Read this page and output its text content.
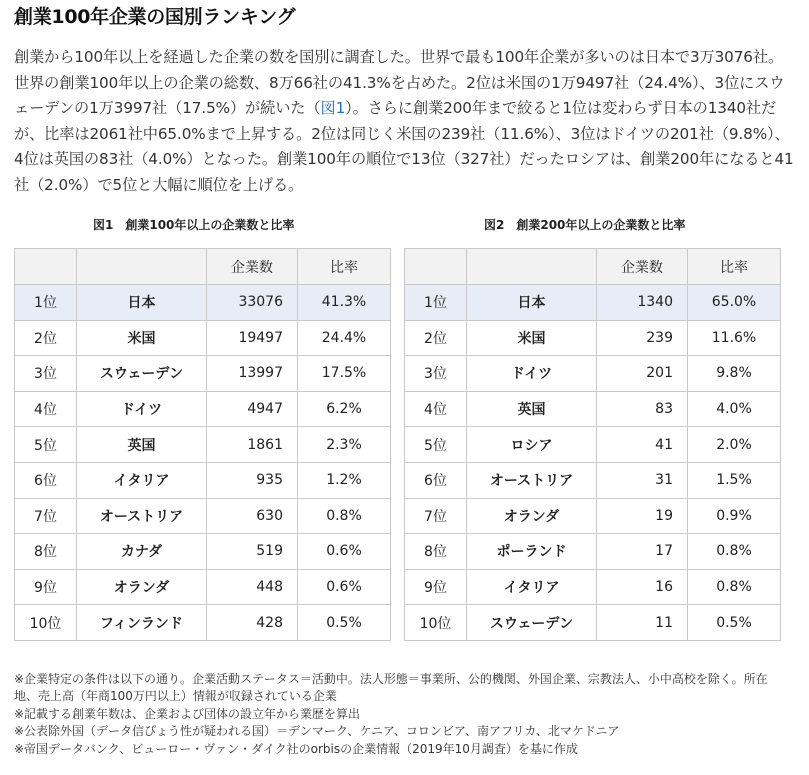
創業100年企業の国別ランキング

創業から100年以上を経過した企業の数を国別に調査した。世界で最も100年企業が多いのは日本で3万3076社。世界の創業100年以上の企業の総数、8万66社の41.3%を占めた。2位は米国の1万9497社（24.4%）、3位にスウェーデンの1万3997社（17.5%）が続いた（図1）。さらに創業200年まで絞ると1位は変わらず日本の1340社だが、比率は2061社中65.0%まで上昇する。2位は同じく米国の239社（11.6%）、3位はドイツの201社（9.8%）、4位は英国の83社（4.0%）となった。創業100年の順位で13位（327社）だったロシアは、創業200年になると41社（2.0%）で5位と大幅に順位を上げる。

図1　創業100年以上の企業数と比率	図2　創業200年以上の企業数と比率
		企業数	比率
1位	日本	33076	41.3%
2位	米国	19497	24.4%
3位	スウェーデン	13997	17.5%
4位	ドイツ	4947	6.2%
5位	英国	1861	2.3%
6位	イタリア	935	1.2%
7位	オーストリア	630	0.8%
8位	カナダ	519	0.6%
9位	オランダ	448	0.6%
10位	フィンランド	428	0.5%
		企業数	比率
1位	日本	1340	65.0%
2位	米国	239	11.6%
3位	ドイツ	201	9.8%
4位	英国	83	4.0%
5位	ロシア	41	2.0%
6位	オーストリア	31	1.5%
7位	オランダ	19	0.9%
8位	ポーランド	17	0.8%
9位	イタリア	16	0.8%
10位	スウェーデン	11	0.5%
※企業特定の条件は以下の通り。企業活動ステータス＝活動中。法人形態＝事業所、公的機関、外国企業、宗教法人、小中高校を除く。所在地、売上高（年商100万円以上）情報が収録されている企業
※記載する創業年数は、企業および団体の設立年から業歴を算出
※公表除外国（データ信ぴょう性が疑われる国）＝デンマーク、ケニア、コロンビア、南アフリカ、北マケドニア
※帝国データバンク、ビューロー・ヴァン・ダイク社のorbisの企業情報（2019年10月調査）を基に作成
